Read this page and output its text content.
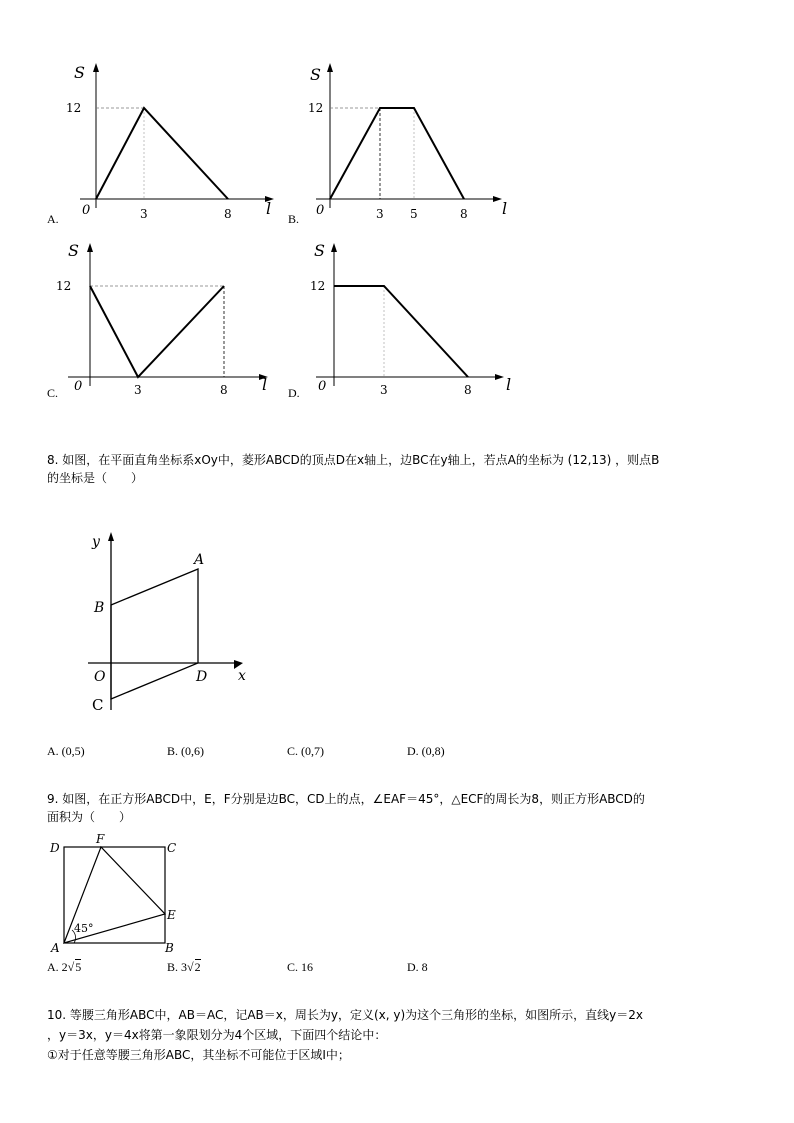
S
12
0	3	8 l
A.
S
12
0	3 5	8 l
B.
S
12
0	3	8 l
C.
S
12
0	3	8 l
D.
8. 如图，在平面直角坐标系xOy中，菱形ABCD的顶点D在x轴上，边BC在y轴上，若点A的坐标为 (12,13) ，则点B
的坐标是（　　）
y
A
B
O	D x
C
A. (0,5)	B. (0,6)	C. (0,7)	D. (0,8)
9. 如图，在正方形ABCD中，E，F分别是边BC，CD上的点，∠EAF＝45°，△ECF的周长为8，则正方形ABCD的
面积为（　　）
D
F
C
E
A	B
45°
A. 2√5	B. 3√2	C. 16	D. 8
10. 等腰三角形ABC中，AB＝AC，记AB＝x，周长为y，定义(x, y)为这个三角形的坐标，如图所示，直线y＝2x
，y＝3x，y＝4x将第一象限划分为4个区域，下面四个结论中：
①对于任意等腰三角形ABC，其坐标不可能位于区域I中；
